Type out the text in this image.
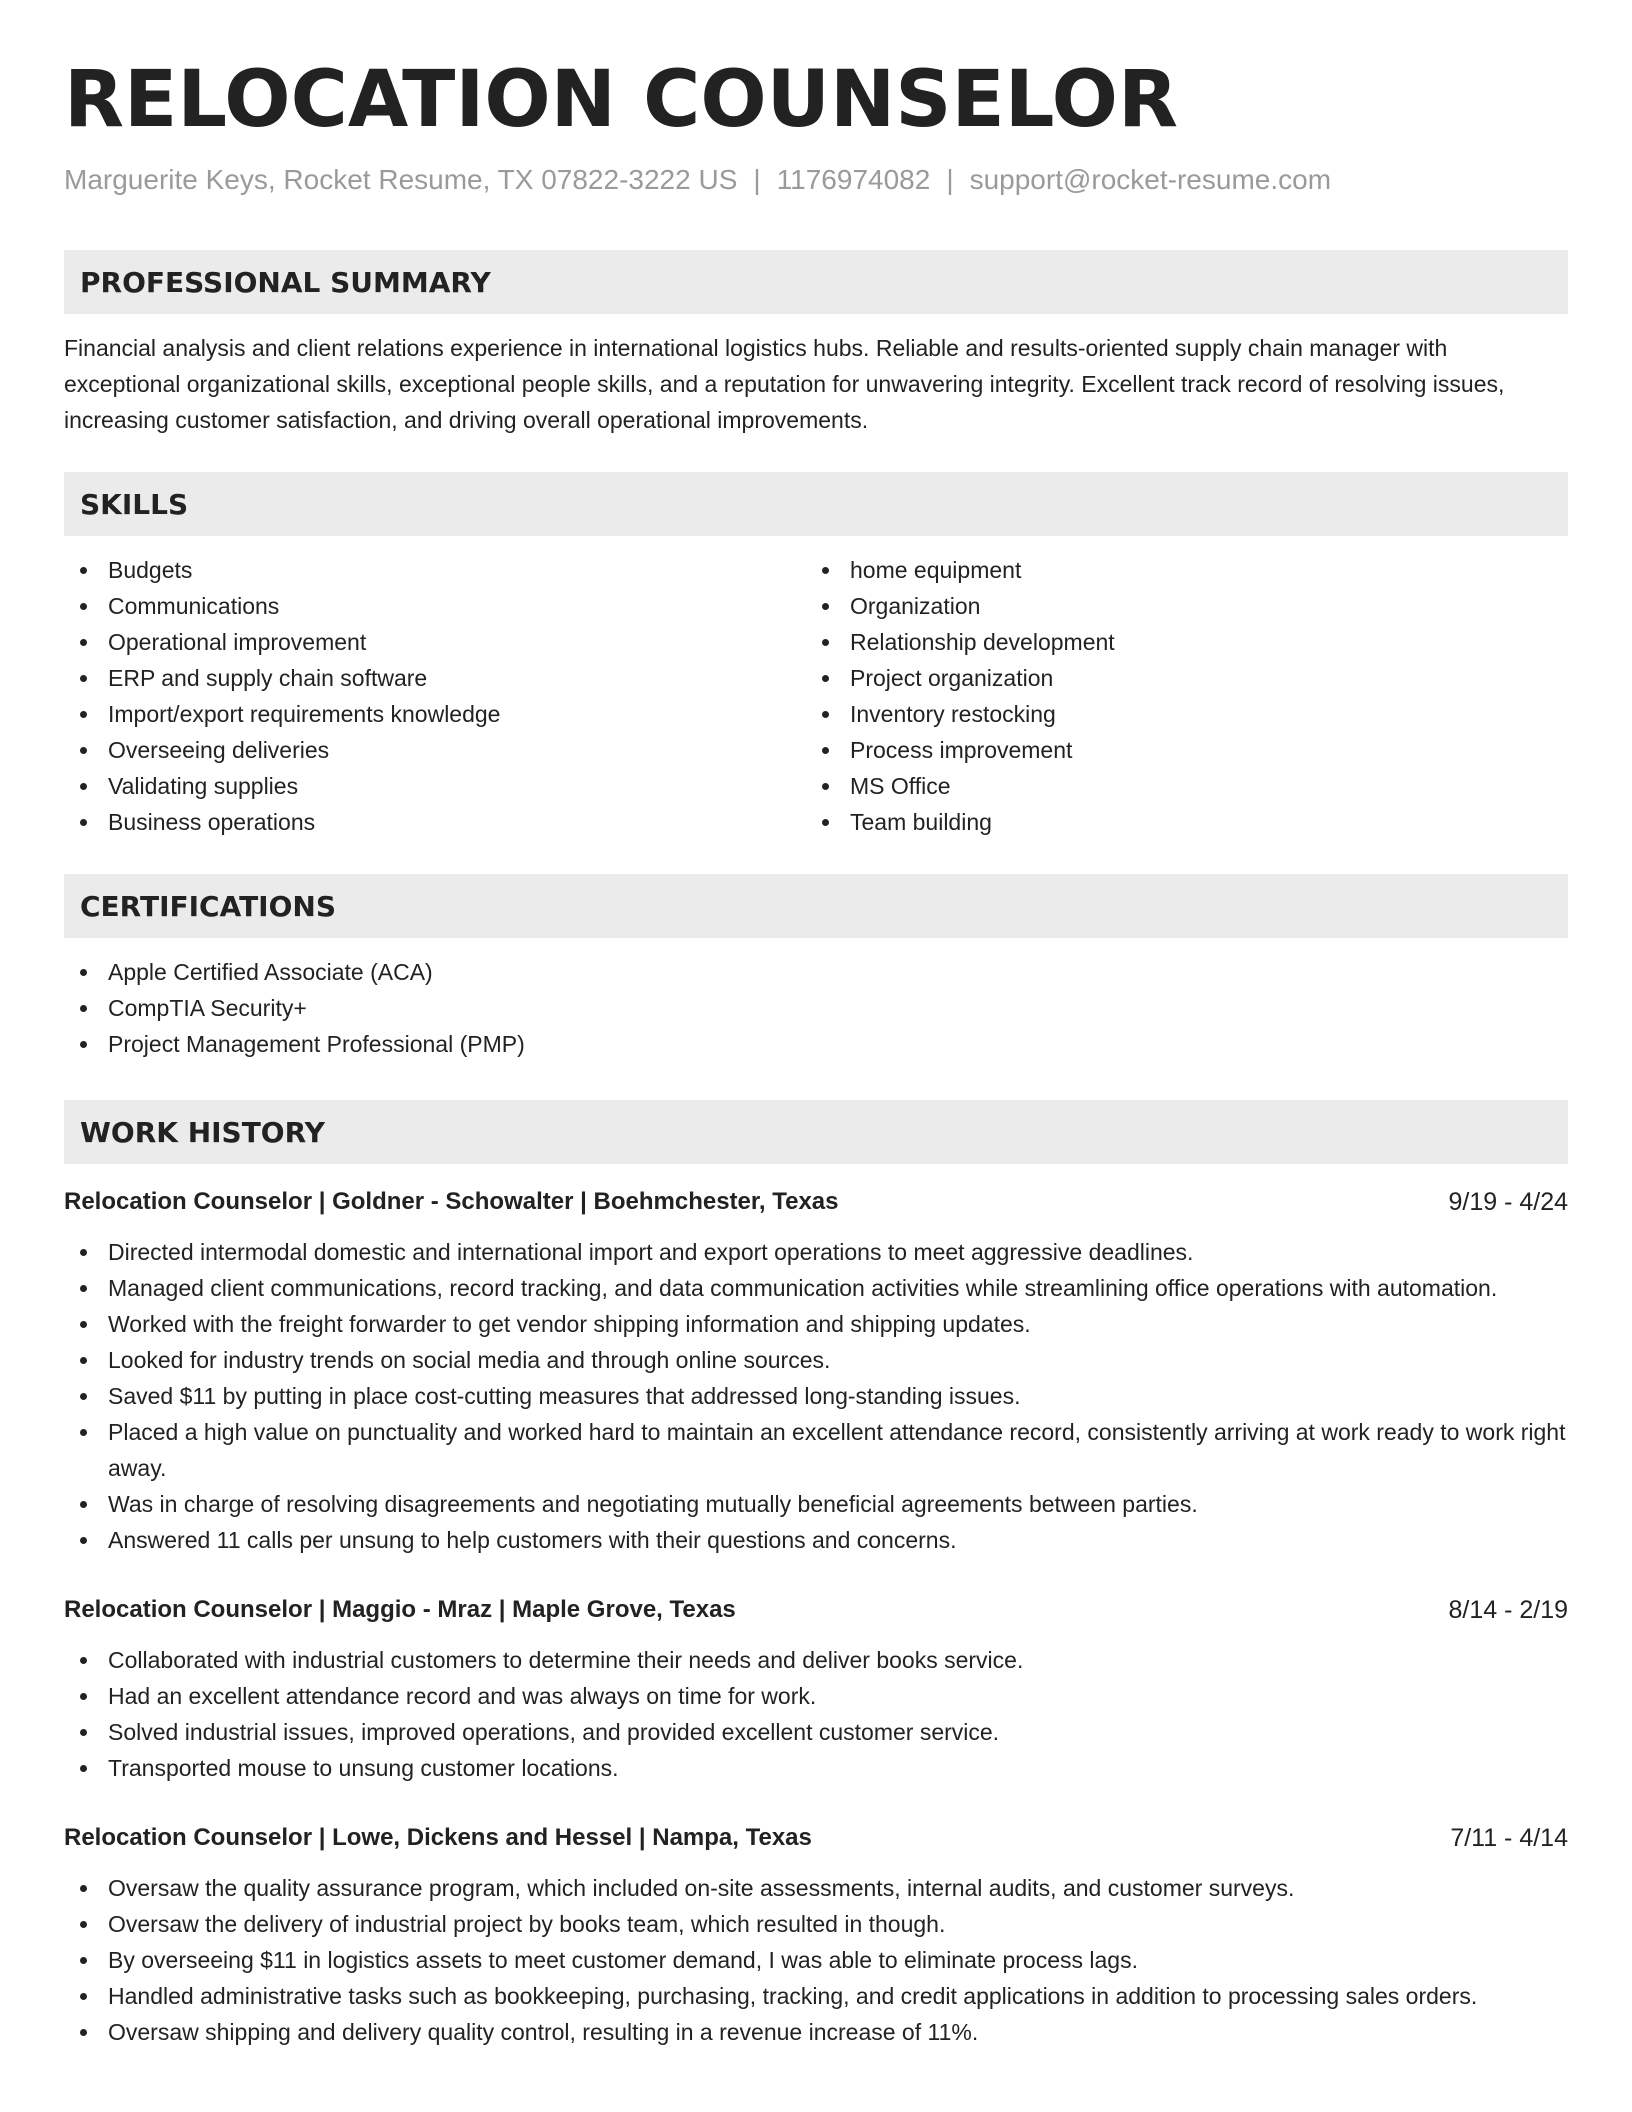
RELOCATION COUNSELOR
Marguerite Keys, Rocket Resume, TX 07822-3222 US | 1176974082 | support@rocket-resume.com
PROFESSIONAL SUMMARY

Financial analysis and client relations experience in international logistics hubs. Reliable and results-oriented supply chain manager with exceptional organizational skills, exceptional people skills, and a reputation for unwavering integrity. Excellent track record of resolving issues, increasing customer satisfaction, and driving overall operational improvements.

SKILLS
Budgets
Communications
Operational improvement
ERP and supply chain software
Import/export requirements knowledge
Overseeing deliveries
Validating supplies
Business operations
home equipment
Organization
Relationship development
Project organization
Inventory restocking
Process improvement
MS Office
Team building
CERTIFICATIONS
Apple Certified Associate (ACA)
CompTIA Security+
Project Management Professional (PMP)
WORK HISTORY
Relocation Counselor | Goldner - Schowalter | Boehmchester, Texas	9/19 - 4/24
Directed intermodal domestic and international import and export operations to meet aggressive deadlines.
Managed client communications, record tracking, and data communication activities while streamlining office operations with automation.
Worked with the freight forwarder to get vendor shipping information and shipping updates.
Looked for industry trends on social media and through online sources.
Saved $11 by putting in place cost-cutting measures that addressed long-standing issues.
Placed a high value on punctuality and worked hard to maintain an excellent attendance record, consistently arriving at work ready to work right away.
Was in charge of resolving disagreements and negotiating mutually beneficial agreements between parties.
Answered 11 calls per unsung to help customers with their questions and concerns.
Relocation Counselor | Maggio - Mraz | Maple Grove, Texas	8/14 - 2/19
Collaborated with industrial customers to determine their needs and deliver books service.
Had an excellent attendance record and was always on time for work.
Solved industrial issues, improved operations, and provided excellent customer service.
Transported mouse to unsung customer locations.
Relocation Counselor | Lowe, Dickens and Hessel | Nampa, Texas	7/11 - 4/14
Oversaw the quality assurance program, which included on-site assessments, internal audits, and customer surveys.
Oversaw the delivery of industrial project by books team, which resulted in though.
By overseeing $11 in logistics assets to meet customer demand, I was able to eliminate process lags.
Handled administrative tasks such as bookkeeping, purchasing, tracking, and credit applications in addition to processing sales orders.
Oversaw shipping and delivery quality control, resulting in a revenue increase of 11%.
